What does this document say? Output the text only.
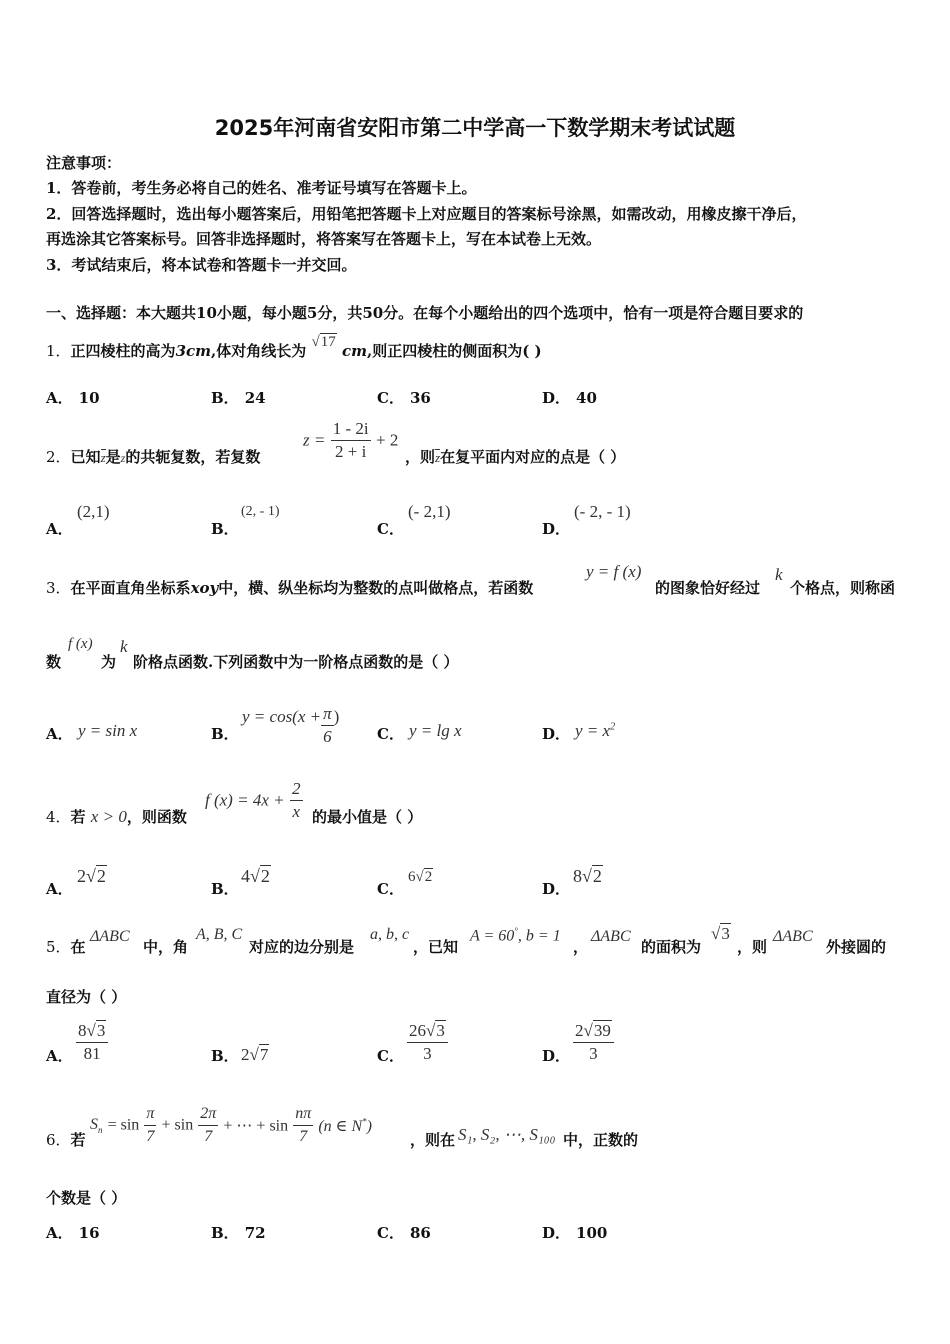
2025年河南省安阳市第二中学高一下数学期末考试试题
注意事项：
1．答卷前，考生务必将自己的姓名、准考证号填写在答题卡上。
2．回答选择题时，选出每小题答案后，用铅笔把答题卡上对应题目的答案标号涂黑，如需改动，用橡皮擦干净后，
再选涂其它答案标号。回答非选择题时，将答案写在答题卡上，写在本试卷上无效。
3．考试结束后，将本试卷和答题卡一并交回。
一、选择题：本大题共10小题，每小题5分，共50分。在每个小题给出的四个选项中，恰有一项是符合题目要求的
1．正四棱柱的高为3cm,体对角线长为 √17 cm,则正四棱柱的侧面积为( )
A． 10	B． 24	C． 36	D． 40
2．已知z是z的共轭复数，若复数
$z = \frac{1 - 2i}{2 + i} + 2$
，则z在复平面内对应的点是（ ）
A．
(2,1)
B．
(2, - 1)
C．
(- 2,1)
D．
(- 2, - 1)
3．在平面直角坐标系xoy中，横、纵坐标均为整数的点叫做格点，若函数
y = f (x)
的图象恰好经过
k
个格点，则称函
数
f (x)
为
k
阶格点函数.下列函数中为一阶格点函数的是（ ）
A． y = sin x	B．
$y = \cos(x + \frac{\pi}{6}$ )
C． y = lg x	D． $y = x^2$
4．若 x > 0，则函数
f $(x) = 4x + \frac{2}{x}$ 的最小值是（ ）
A．
2√2
B．
4√2
C．
6√2
D．
8√2
5．在
ΔABC
中，角
A, B, C
对应的边分别是
a, b, c
，已知
A = 60°, b = 1
，
ΔABC
的面积为
√3
，则
ΔABC
外接圆的
直径为（ ）
A． $\frac{8√3}{81}$	B． 2√7	C． $\frac{26√3}{3}$	D． $\frac{2√39}{3}$
6．若
$S_n = \sin \frac{\pi}{7} + \sin \frac{2\pi}{7}$ + ⋯ + $\sin \frac{n\pi}{7} (n$ ∈ N*)
，则在 S₁, S₂, ⋯, S₁₀₀ 中，正数的
个数是（ ）
A． 16	B． 72	C． 86	D． 100
